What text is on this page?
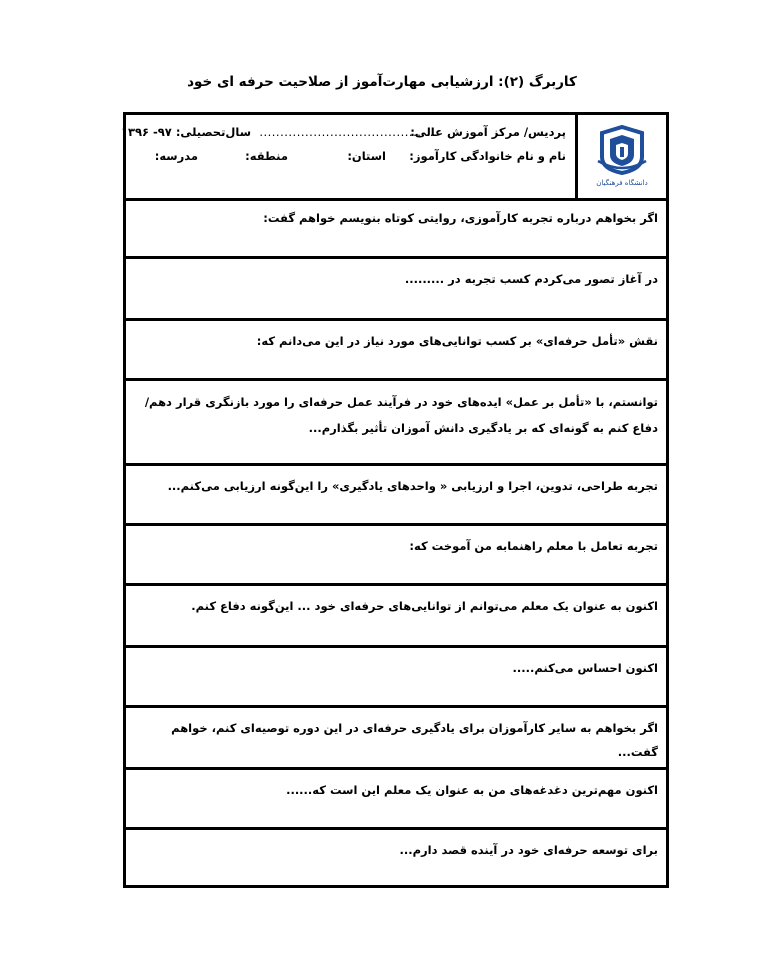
کاربرگ (۲): ارزشیابی مهارت‌آموز از صلاحیت حرفه ای خود
دانشگاه فرهنگیان
پردیس/ مرکز آموزش عالی:
...........................................
سال‌تحصیلی: ۹۷- ۱۳۹۶
نام و نام خانوادگی کارآموز:
استان:
منطقه:
مدرسه:
اگر بخواهم درباره تجربه کارآموزی، روایتی کوتاه بنویسم خواهم گفت:
در آغاز تصور می‌کردم کسب تجربه در .........
نقش «تأمل حرفه‌ای» بر کسب توانایی‌های مورد نیاز در این می‌دانم که:
توانستم، با «تأمل بر عمل» ایده‌های خود در فرآیند عمل حرفه‌ای را مورد بازنگری قرار دهم/ دفاع کنم به گونه‌ای که بر یادگیری دانش آموزان تأثیر بگذارم...
تجربه طراحی، تدوین، اجرا و ارزیابی « واحدهای یادگیری» را این‌گونه ارزیابی می‌کنم...
تجربه تعامل با معلم راهنمابه من آموخت که:
اکنون به عنوان یک معلم می‌توانم از توانایی‌های حرفه‌ای خود ... این‌گونه دفاع کنم.
اکنون احساس می‌کنم.....
اگر بخواهم به سایر کارآموزان برای یادگیری حرفه‌ای در این دوره توصیه‌ای کنم، خواهم گفت...
اکنون مهم‌ترین دغدغه‌های من به عنوان یک معلم این است که......
برای توسعه حرفه‌ای خود در آینده قصد دارم...
